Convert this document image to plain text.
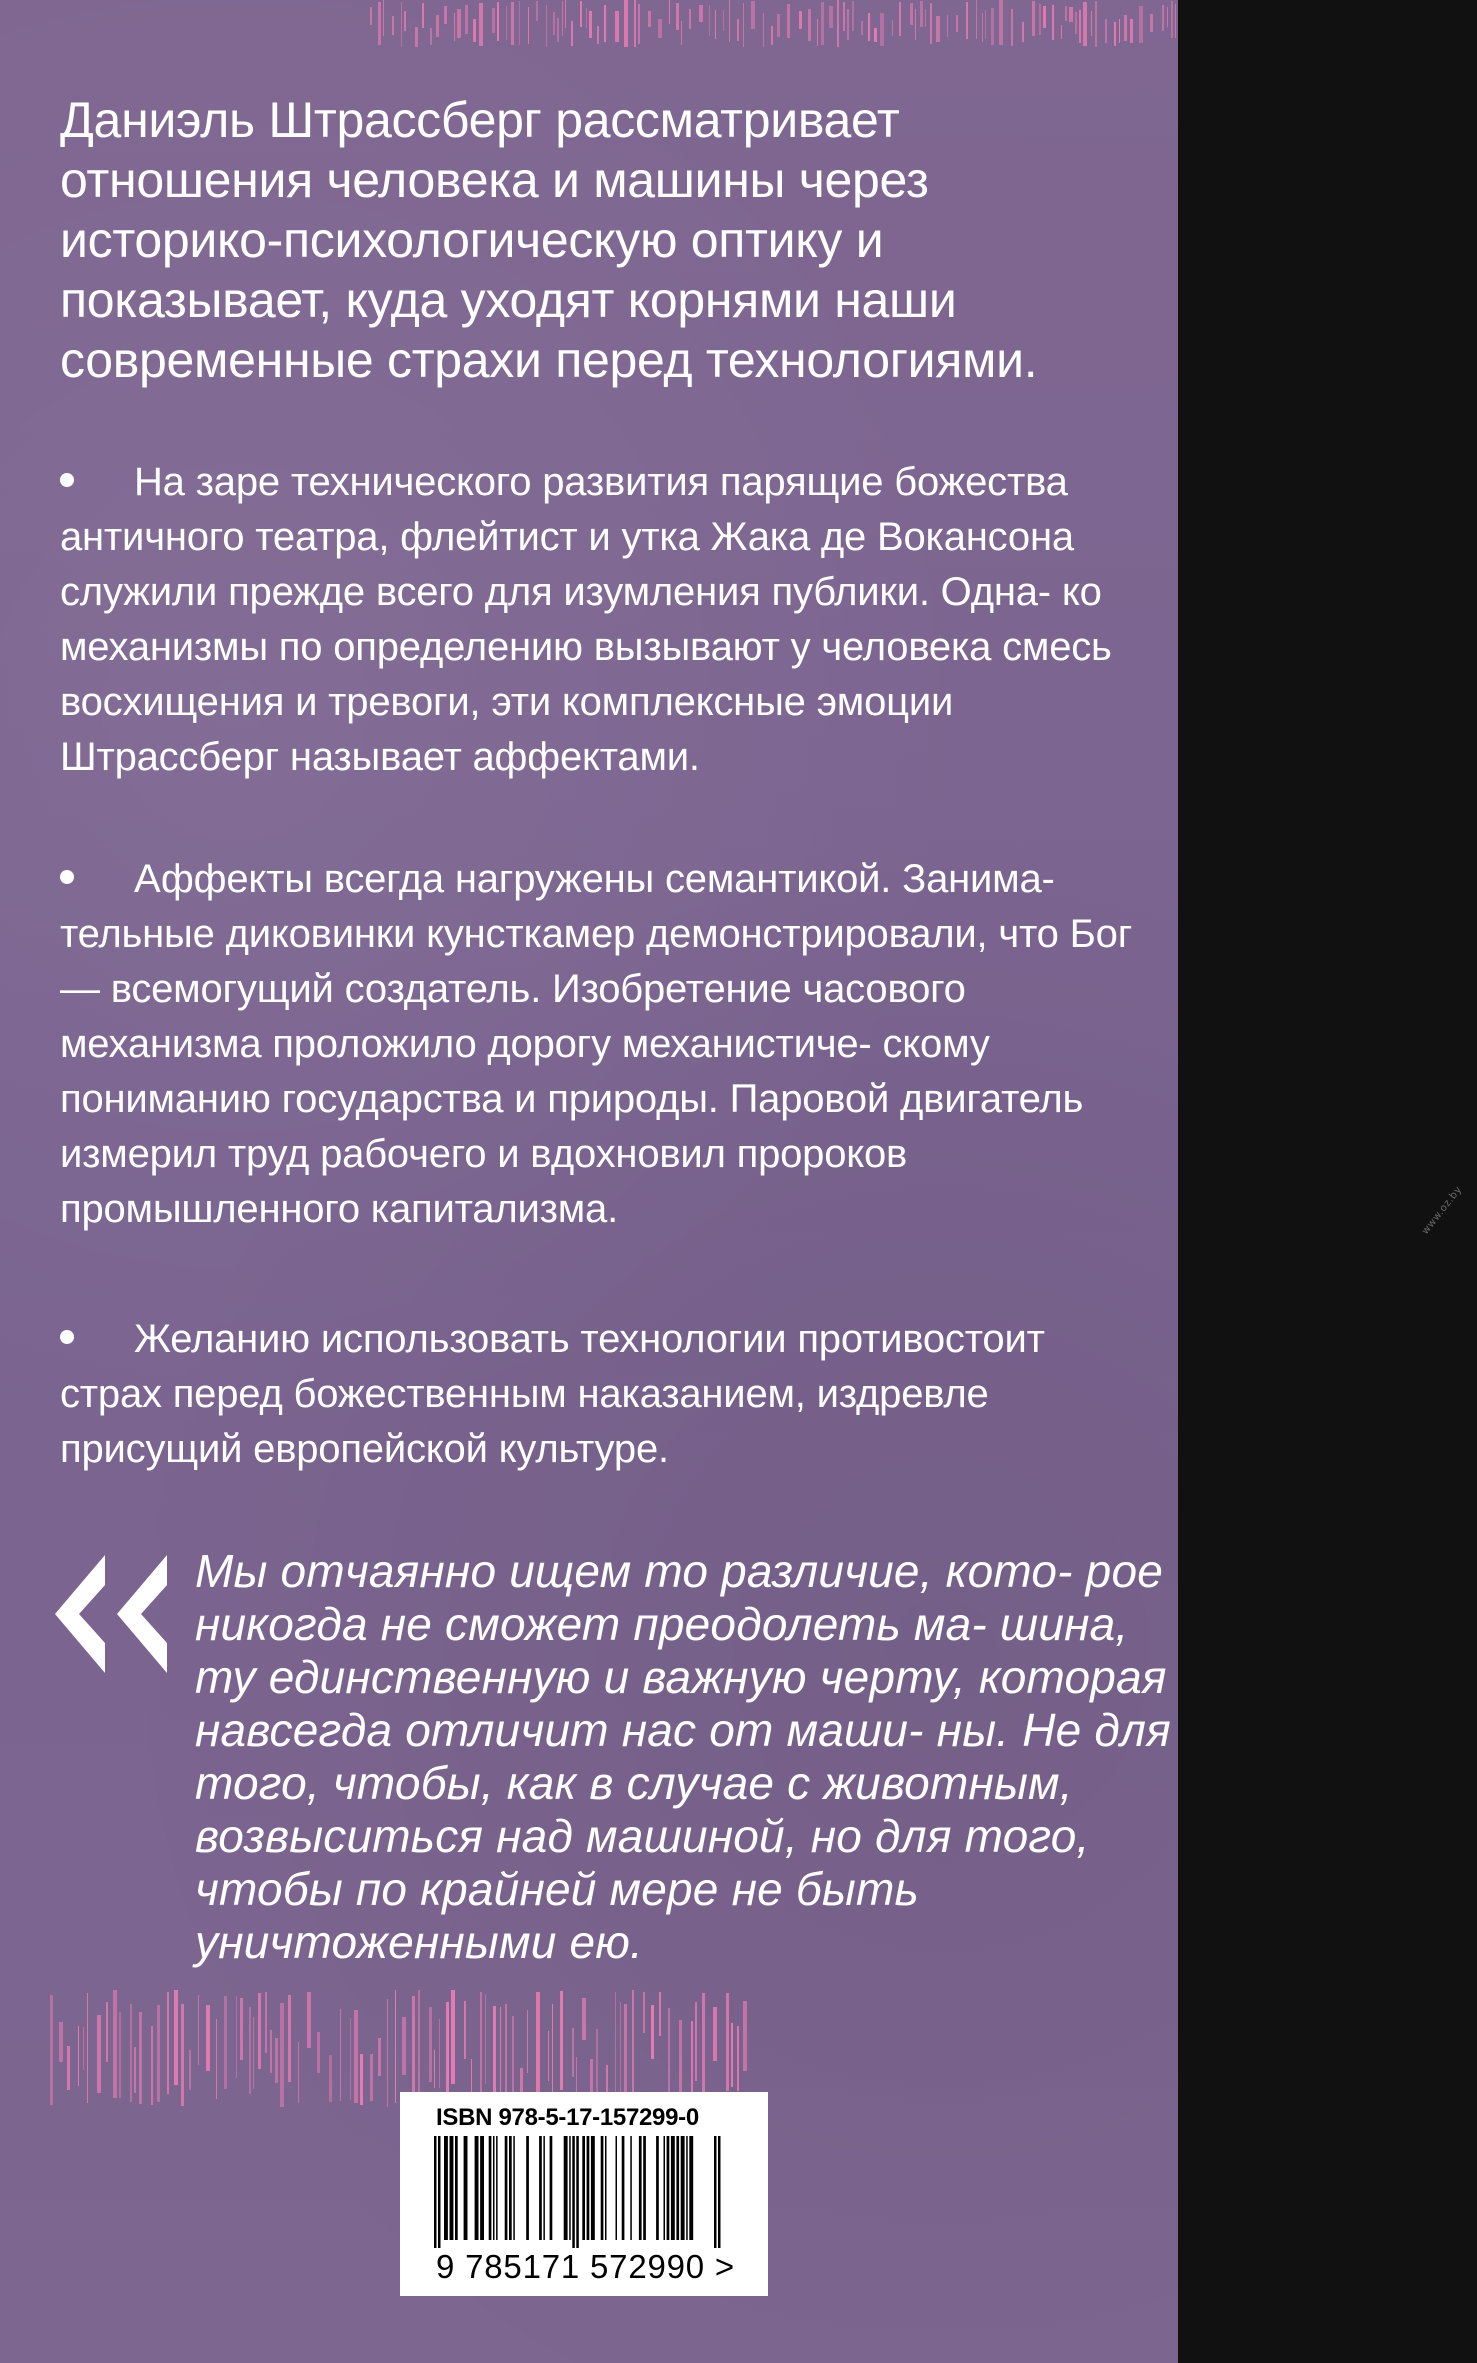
Даниэль Штрассберг рассматривает отношения человека и машины через историко-психологическую оптику и показывает, куда уходят корнями наши современные страхи перед технологиями.

На заре технического развития парящие божества античного театра, флейтист и утка Жака де Вокансона служили прежде всего для изумления публики. Одна- ко механизмы по определению вызывают у человека смесь восхищения и тревоги, эти комплексные эмоции Штрассберг называет аффектами.

Аффекты всегда нагружены семантикой. Занима- тельные диковинки кунсткамер демонстрировали, что Бог — всемогущий создатель. Изобретение часового механизма проложило дорогу механистиче- скому пониманию государства и природы. Паровой двигатель измерил труд рабочего и вдохновил пророков промышленного капитализма.

Желанию использовать технологии противостоит страх перед божественным наказанием, издревле присущий европейской культуре.

Мы отчаянно ищем то различие, кото- рое никогда не сможет преодолеть ма- шина, ту единственную и важную черту, которая навсегда отличит нас от маши- ны. Не для того, чтобы, как в случае с животным, возвыситься над машиной, но для того, чтобы по крайней мере не быть уничтоженными ею.

ISBN 978-5-17-157299-0
9 785171 572990 >
www.oz.by
